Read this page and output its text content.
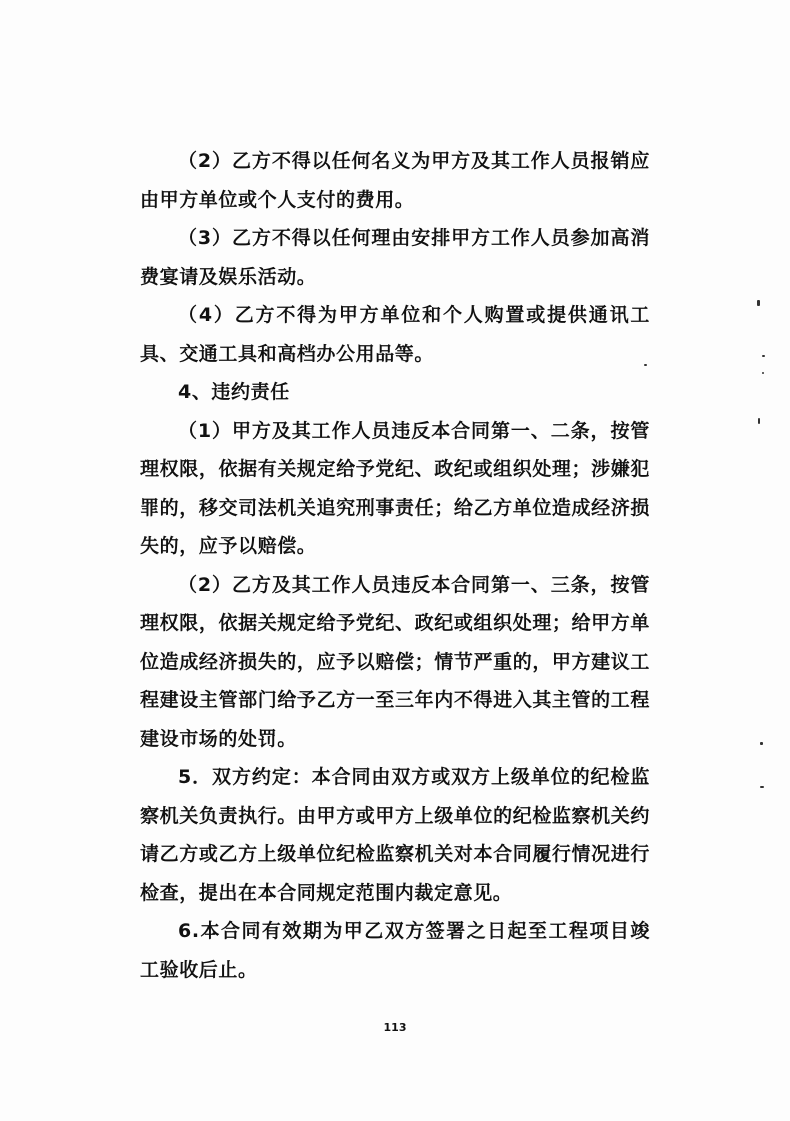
（2）乙方不得以任何名义为甲方及其工作人员报销应由甲方单位或个人支付的费用。

（3）乙方不得以任何理由安排甲方工作人员参加高消费宴请及娱乐活动。

（4）乙方不得为甲方单位和个人购置或提供通讯工具、交通工具和高档办公用品等。

4、违约责任

（1）甲方及其工作人员违反本合同第一、二条，按管理权限，依据有关规定给予党纪、政纪或组织处理；涉嫌犯罪的，移交司法机关追究刑事责任；给乙方单位造成经济损失的，应予以赔偿。

（2）乙方及其工作人员违反本合同第一、三条，按管理权限，依据关规定给予党纪、政纪或组织处理；给甲方单位造成经济损失的，应予以赔偿；情节严重的，甲方建议工程建设主管部门给予乙方一至三年内不得进入其主管的工程建设市场的处罚。

5．双方约定：本合同由双方或双方上级单位的纪检监察机关负责执行。由甲方或甲方上级单位的纪检监察机关约请乙方或乙方上级单位纪检监察机关对本合同履行情况进行检查，提出在本合同规定范围内裁定意见。

6.本合同有效期为甲乙双方签署之日起至工程项目竣工验收后止。

113
